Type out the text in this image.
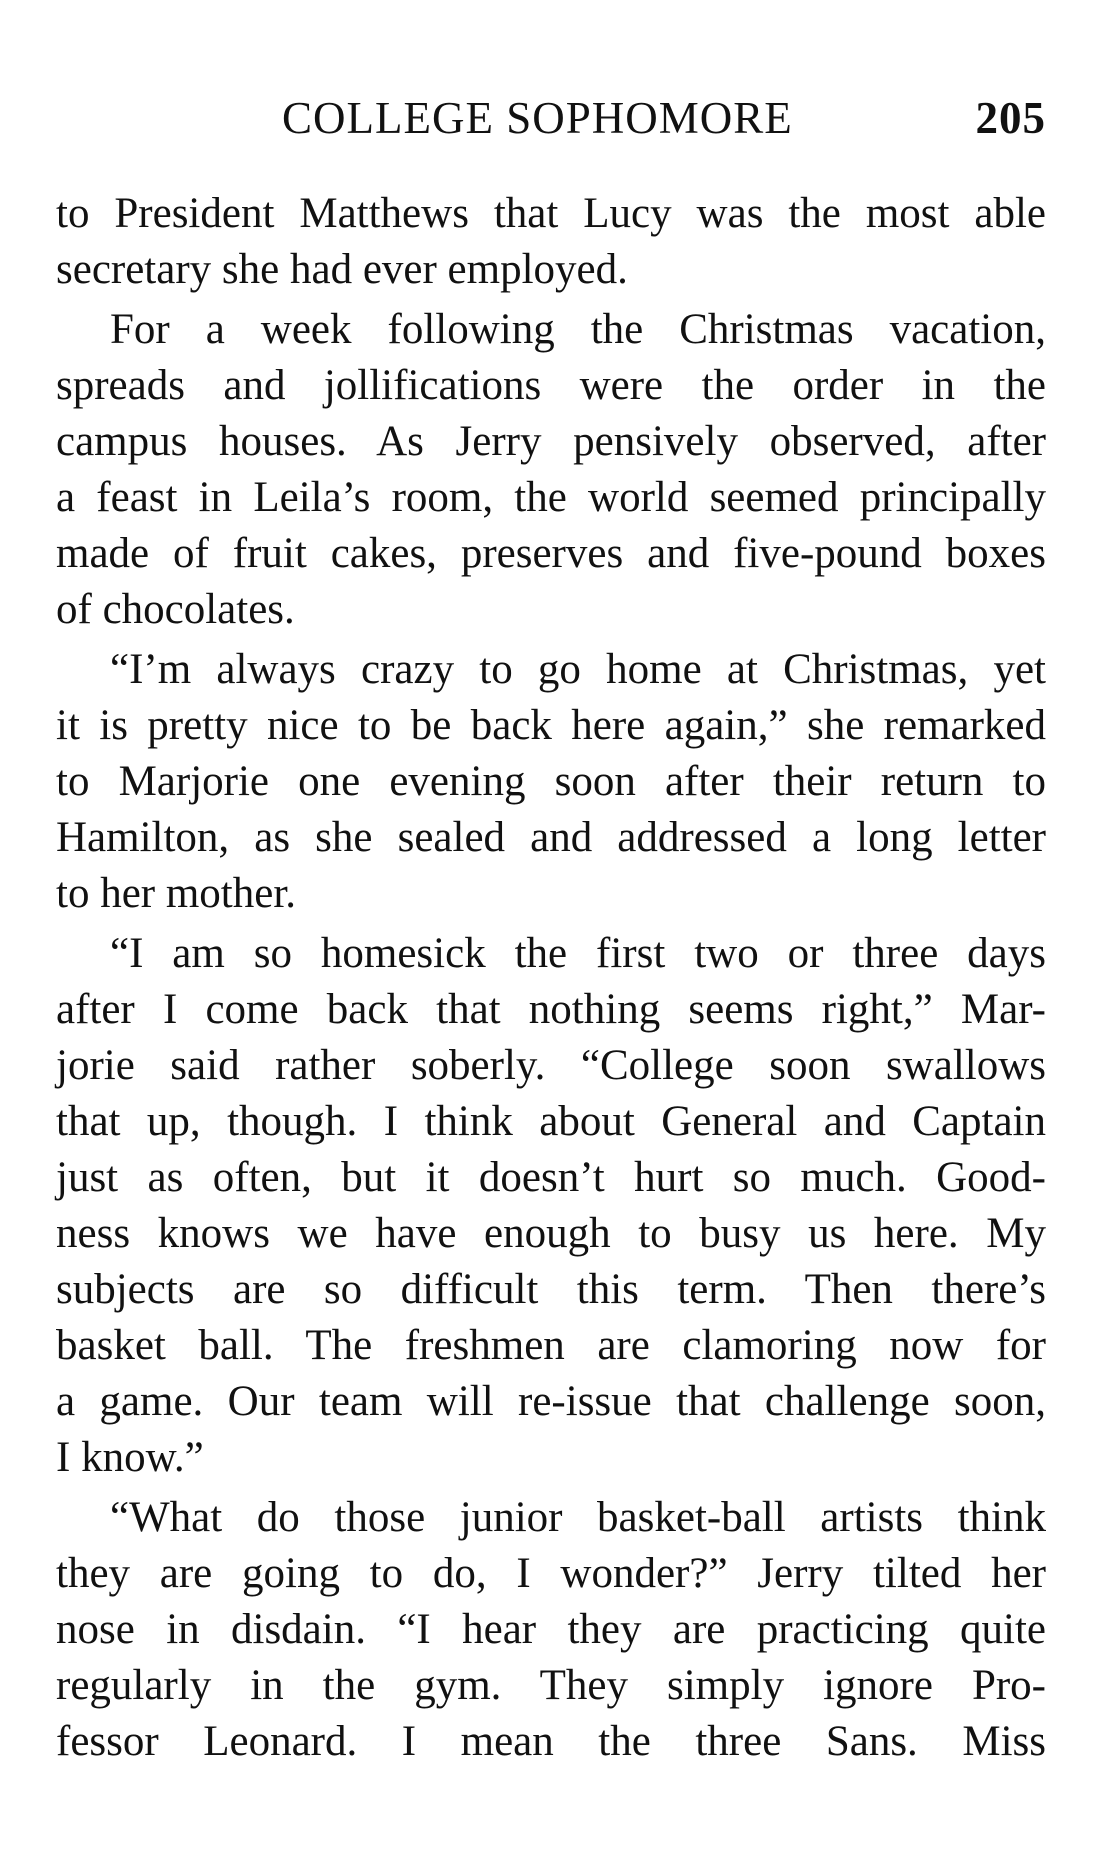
COLLEGE SOPHOMORE	205

to President Matthews that Lucy was the most able
secretary she had ever employed.

For a week following the Christmas vacation,
spreads and jollifications were the order in the
campus houses. As Jerry pensively observed, after
a feast in Leila’s room, the world seemed principally
made of fruit cakes, preserves and five-pound boxes
of chocolates.

“I’m always crazy to go home at Christmas, yet
it is pretty nice to be back here again,” she remarked
to Marjorie one evening soon after their return to
Hamilton, as she sealed and addressed a long letter
to her mother.

“I am so homesick the first two or three days
after I come back that nothing seems right,” Mar-
jorie said rather soberly. “College soon swallows
that up, though. I think about General and Captain
just as often, but it doesn’t hurt so much. Good-
ness knows we have enough to busy us here. My
subjects are so difficult this term. Then there’s
basket ball. The freshmen are clamoring now for
a game. Our team will re-issue that challenge soon,
I know.”

“What do those junior basket-ball artists think
they are going to do, I wonder?” Jerry tilted her
nose in disdain. “I hear they are practicing quite
regularly in the gym. They simply ignore Pro-
fessor Leonard. I mean the three Sans. Miss
